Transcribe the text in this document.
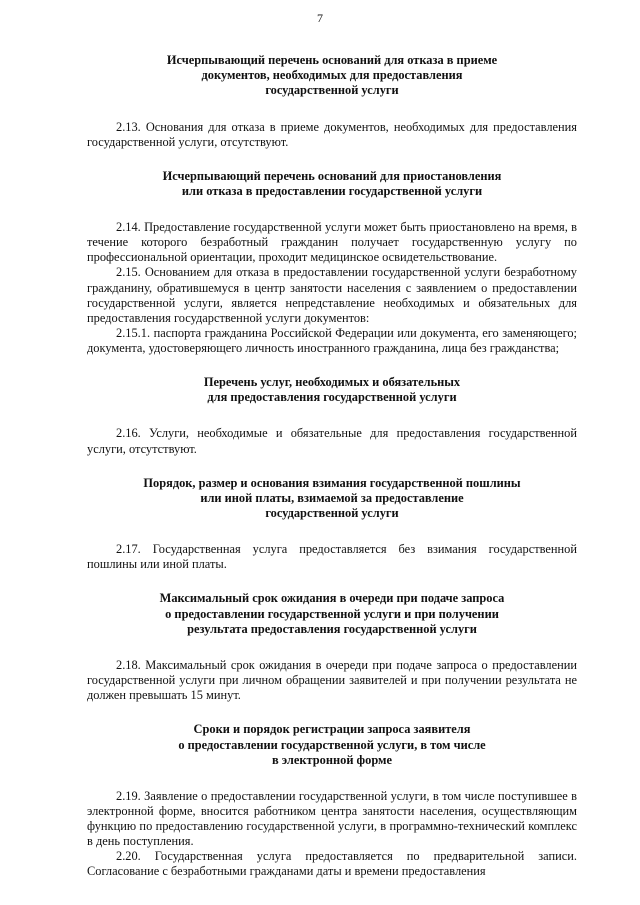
7
Исчерпывающий перечень оснований для отказа в приеме
документов, необходимых для предоставления
государственной услуги

2.13. Основания для отказа в приеме документов, необходимых для предоставления государственной услуги, отсутствуют.

Исчерпывающий перечень оснований для приостановления
или отказа в предоставлении государственной услуги

2.14. Предоставление государственной услуги может быть приостановлено на время, в течение которого безработный гражданин получает государственную услугу по профессиональной ориентации, проходит медицинское освидетельствование.

2.15. Основанием для отказа в предоставлении государственной услуги безработному гражданину, обратившемуся в центр занятости населения с заявлением о предоставлении государственной услуги, является непредставление необходимых и обязательных для предоставления государственной услуги документов:

2.15.1. паспорта гражданина Российской Федерации или документа, его заменяющего; документа, удостоверяющего личность иностранного гражданина, лица без гражданства;

Перечень услуг, необходимых и обязательных
для предоставления государственной услуги

2.16. Услуги, необходимые и обязательные для предоставления государственной услуги, отсутствуют.

Порядок, размер и основания взимания государственной пошлины
или иной платы, взимаемой за предоставление
государственной услуги

2.17. Государственная услуга предоставляется без взимания государственной пошлины или иной платы.

Максимальный срок ожидания в очереди при подаче запроса
о предоставлении государственной услуги и при получении
результата предоставления государственной услуги

2.18. Максимальный срок ожидания в очереди при подаче запроса о предоставлении государственной услуги при личном обращении заявителей и при получении результата не должен превышать 15 минут.

Сроки и порядок регистрации запроса заявителя
о предоставлении государственной услуги, в том числе
в электронной форме

2.19. Заявление о предоставлении государственной услуги, в том числе поступившее в электронной форме, вносится работником центра занятости населения, осуществляющим функцию по предоставлению государственной услуги, в программно-технический комплекс в день поступления.

2.20. Государственная услуга предоставляется по предварительной записи. Согласование с безработными гражданами даты и времени предоставления
